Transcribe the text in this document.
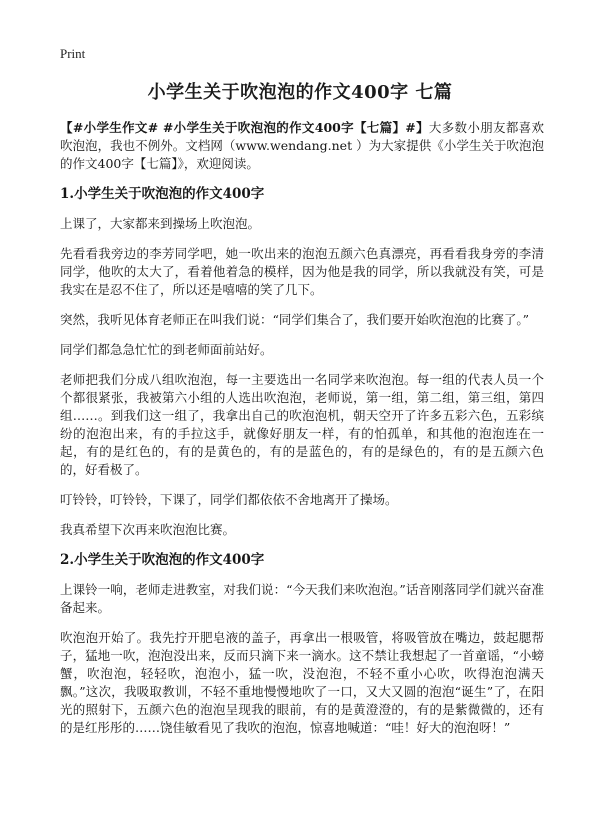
Print
小学生关于吹泡泡的作文400字 七篇

【#小学生作文# #小学生关于吹泡泡的作文400字【七篇】#】大多数小朋友都喜欢吹泡泡，我也不例外。文档网（www.wendang.net ）为大家提供《小学生关于吹泡泡的作文400字【七篇】》，欢迎阅读。

1.小学生关于吹泡泡的作文400字

上课了，大家都来到操场上吹泡泡。

先看看我旁边的李芳同学吧，她一吹出来的泡泡五颜六色真漂亮，再看看我身旁的李清同学，他吹的太大了，看着他着急的模样，因为他是我的同学，所以我就没有笑，可是我实在是忍不住了，所以还是嘻嘻的笑了几下。

突然，我听见体育老师正在叫我们说：“同学们集合了，我们要开始吹泡泡的比赛了。”

同学们都急急忙忙的到老师面前站好。

老师把我们分成八组吹泡泡，每一主要选出一名同学来吹泡泡。每一组的代表人员一个个都很紧张，我被第六小组的人选出吹泡泡，老师说，第一组，第二组，第三组，第四组……。到我们这一组了，我拿出自己的吹泡泡机，朝天空开了许多五彩六色，五彩缤纷的泡泡出来，有的手拉这手，就像好朋友一样，有的怕孤单，和其他的泡泡连在一起，有的是红色的，有的是黄色的，有的是蓝色的，有的是绿色的，有的是五颜六色的，好看极了。

叮铃铃，叮铃铃，下课了，同学们都依依不舍地离开了操场。

我真希望下次再来吹泡泡比赛。

2.小学生关于吹泡泡的作文400字

上课铃一响，老师走进教室，对我们说：“今天我们来吹泡泡。”话音刚落同学们就兴奋准备起来。

吹泡泡开始了。我先拧开肥皂液的盖子，再拿出一根吸管，将吸管放在嘴边，鼓起腮帮子，猛地一吹，泡泡没出来，反而只滴下来一滴水。这不禁让我想起了一首童谣，“小螃蟹，吹泡泡，轻轻吹，泡泡小，猛一吹，没泡泡，不轻不重小心吹，吹得泡泡满天飘。”这次，我吸取教训，不轻不重地慢慢地吹了一口，又大又圆的泡泡“诞生”了，在阳光的照射下，五颜六色的泡泡呈现我的眼前，有的是黄澄澄的，有的是紫微微的，还有的是红彤彤的……饶佳敏看见了我吹的泡泡，惊喜地喊道：“哇！好大的泡泡呀！”
